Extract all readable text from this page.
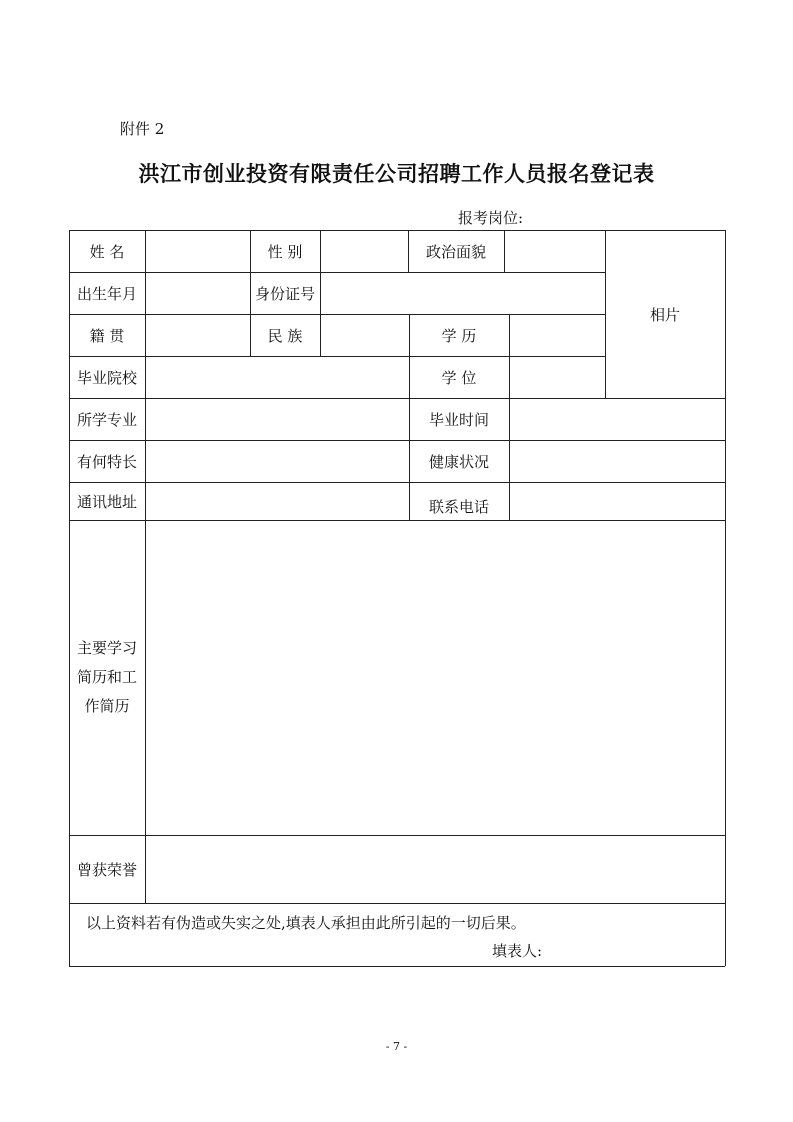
附件 2
洪江市创业投资有限责任公司招聘工作人员报名登记表
报考岗位:
姓 名	性 别	政治面貌
相片
出生年月	身份证号
籍 贯	民 族	学 历
毕业院校	学 位
所学专业	毕业时间
有何特长	健康状况
通讯地址	联系电话
主要学习
简历和工
作简历
曾获荣誉
以上资料若有伪造或失实之处,填表人承担由此所引起的一切后果。
填表人:
- 7 -
